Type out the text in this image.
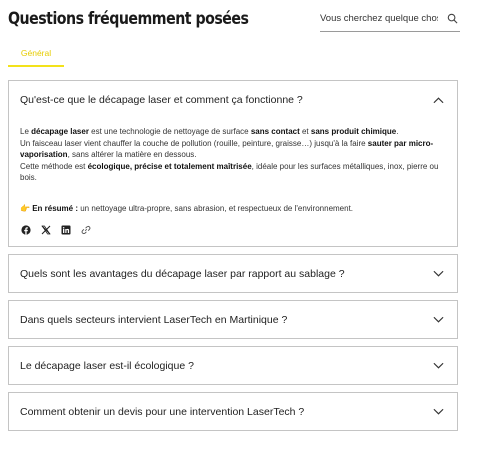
Questions fréquemment posées
Vous cherchez quelque chose ?
Général
Qu'est-ce que le décapage laser et comment ça fonctionne ?
Le décapage laser est une technologie de nettoyage de surface sans contact et sans produit chimique.
Un faisceau laser vient chauffer la couche de pollution (rouille, peinture, graisse…) jusqu'à la faire sauter par micro-vaporisation, sans altérer la matière en dessous.
Cette méthode est écologique, précise et totalement maîtrisée, idéale pour les surfaces métalliques, inox, pierre ou bois.
👉 En résumé : un nettoyage ultra-propre, sans abrasion, et respectueux de l'environnement.
Quels sont les avantages du décapage laser par rapport au sablage ?
Dans quels secteurs intervient LaserTech en Martinique ?
Le décapage laser est-il écologique ?
Comment obtenir un devis pour une intervention LaserTech ?
